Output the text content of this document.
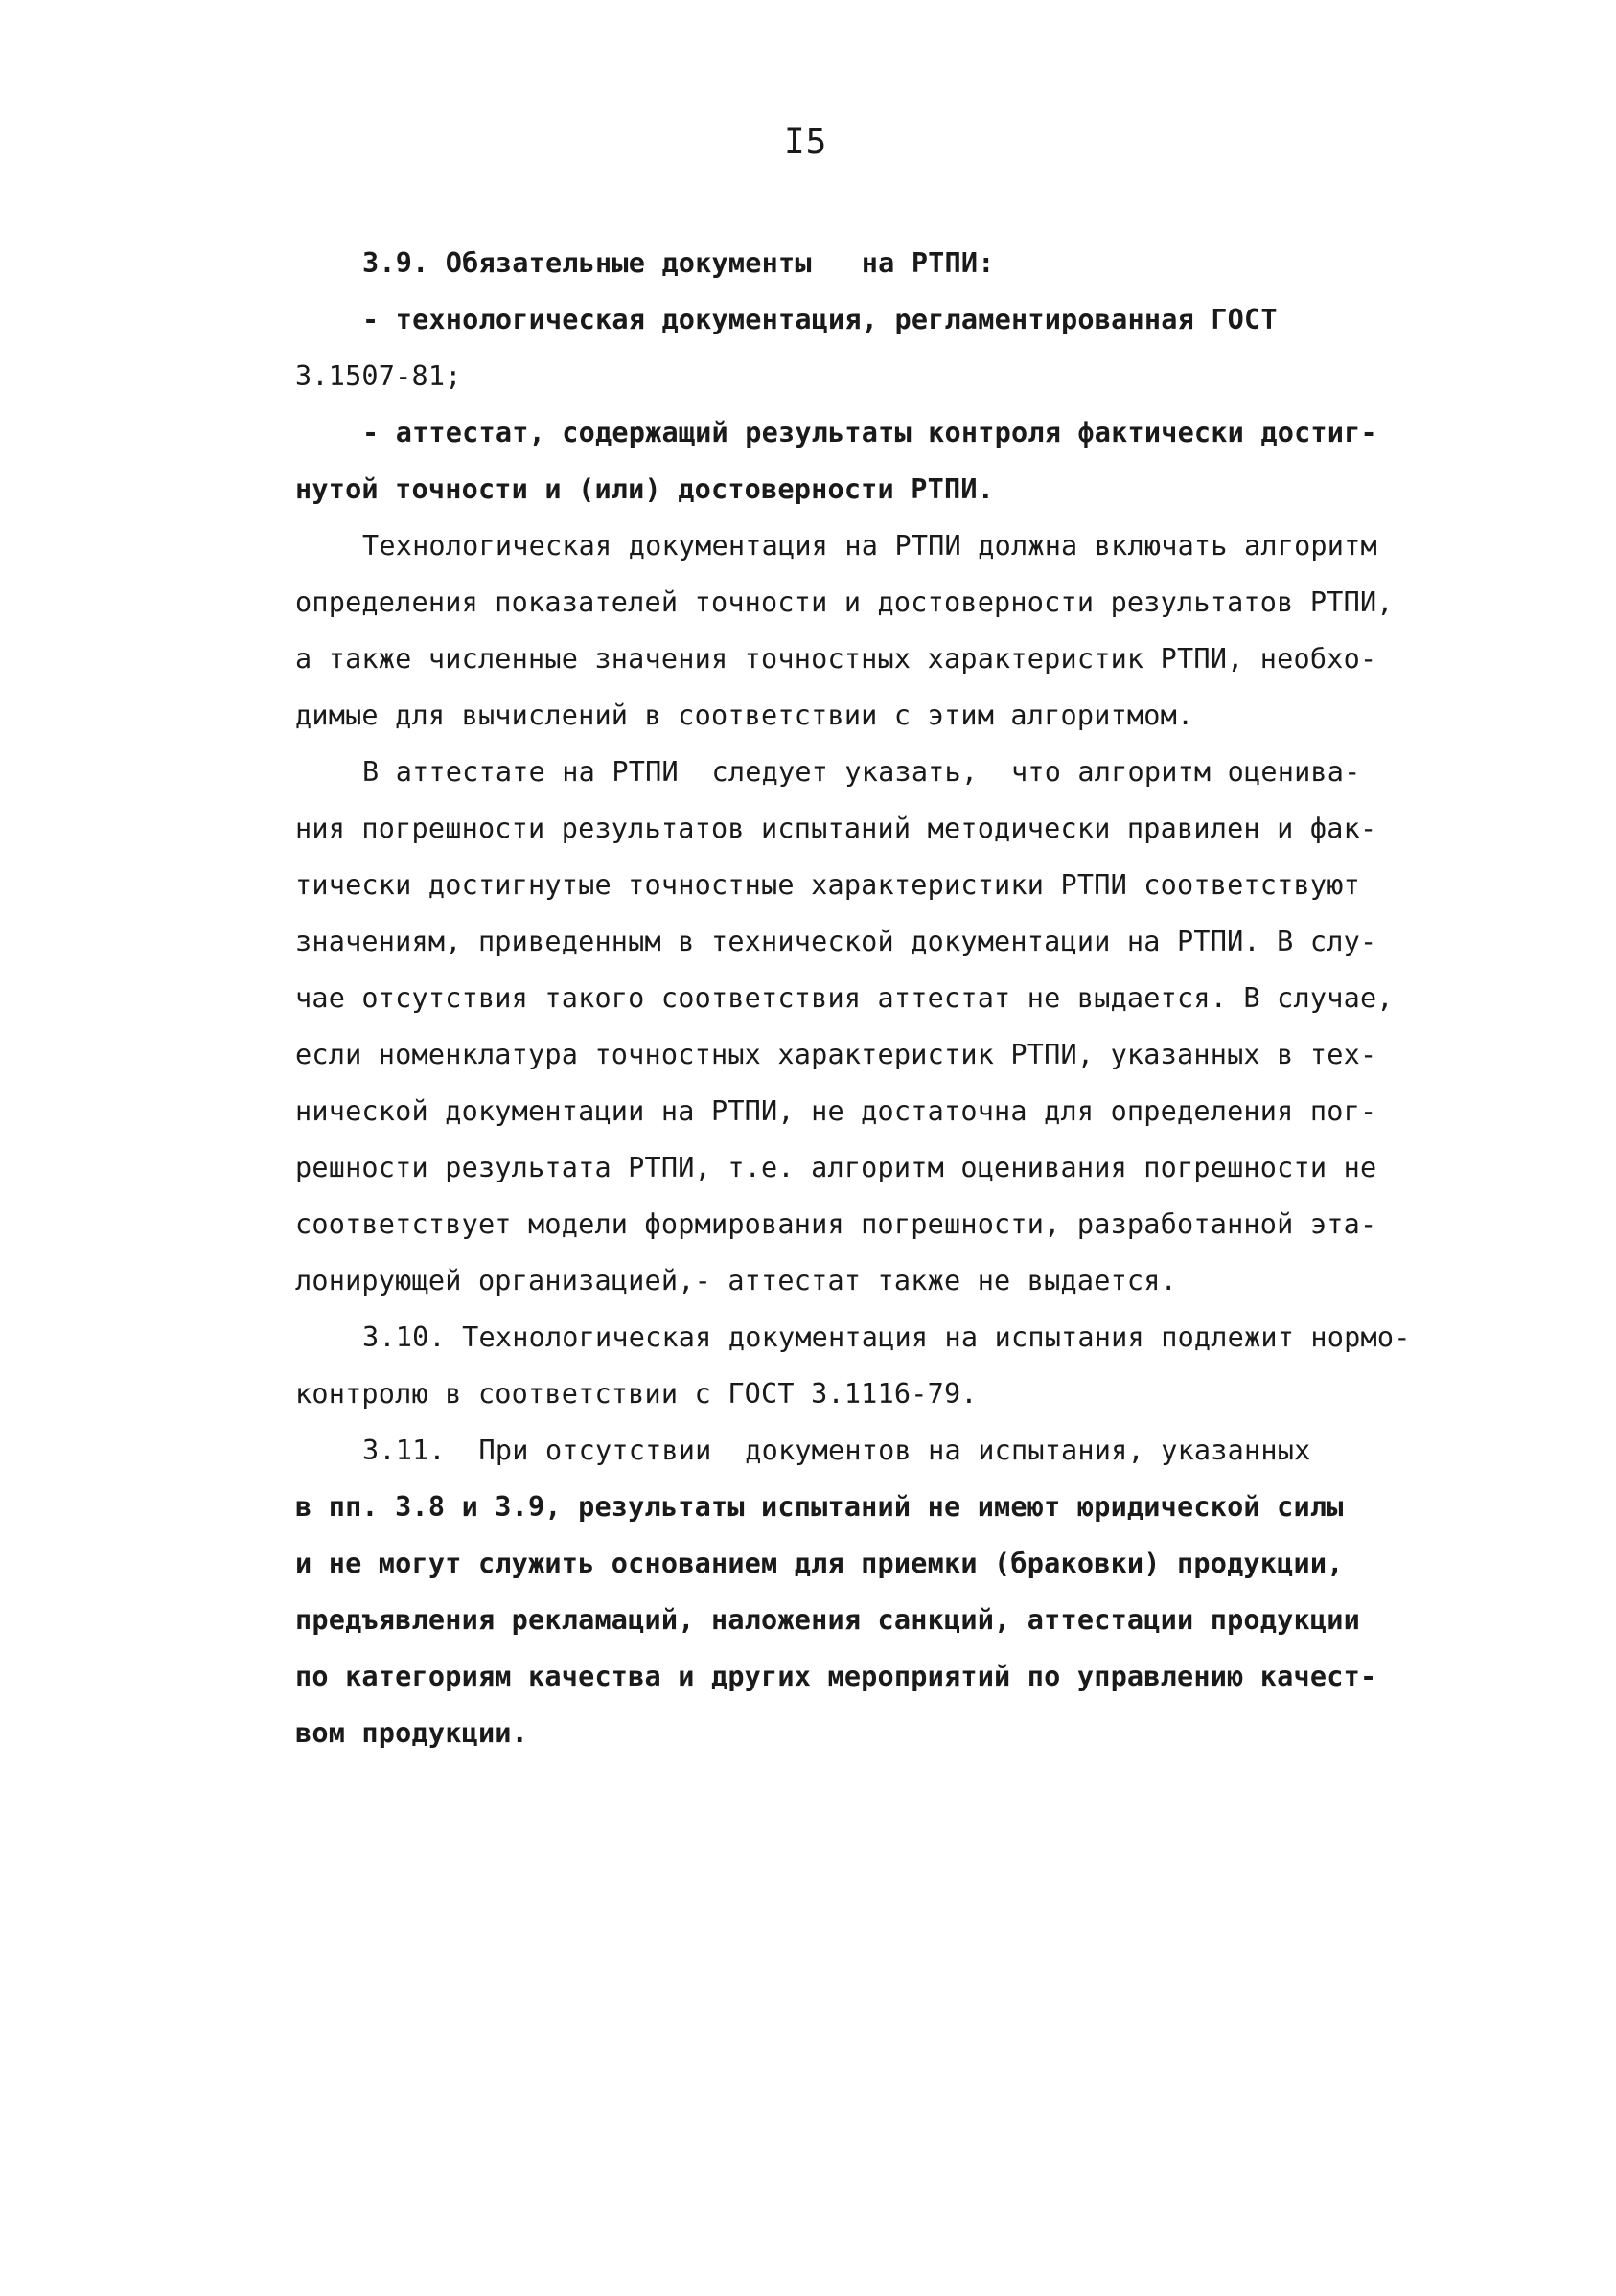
Ι5
3.9. Обязательные документы   на РТПИ:
- технологическая документация, регламентированная ГОСТ
3.1507-81;
- аттестат, содержащий результаты контроля фактически достиг-
нутой точности и (или) достоверности РТПИ.
Технологическая документация на РТПИ должна включать алгоритм
определения показателей точности и достоверности результатов РТПИ,
а также численные значения точностных характеристик РТПИ, необхо-
димые для вычислений в соответствии с этим алгоритмом.
В аттестате на РТПИ  следует указать,  что алгоритм оценива-
ния погрешности результатов испытаний методически правилен и фак-
тически достигнутые точностные характеристики РТПИ соответствуют
значениям, приведенным в технической документации на РТПИ. В слу-
чае отсутствия такого соответствия аттестат не выдается. В случае,
если номенклатура точностных характеристик РТПИ, указанных в тех-
нической документации на РТПИ, не достаточна для определения пог-
решности результата РТПИ, т.е. алгоритм оценивания погрешности не
соответствует модели формирования погрешности, разработанной эта-
лонирующей организацией,- аттестат также не выдается.
3.10. Технологическая документация на испытания подлежит нормо-
контролю в соответствии с ГОСТ 3.1116-79.
3.11.  При отсутствии  документов на испытания, указанных
в пп. 3.8 и 3.9, результаты испытаний не имеют юридической силы
и не могут служить основанием для приемки (браковки) продукции,
предъявления рекламаций, наложения санкций, аттестации продукции
по категориям качества и других мероприятий по управлению качест-
вом продукции.
